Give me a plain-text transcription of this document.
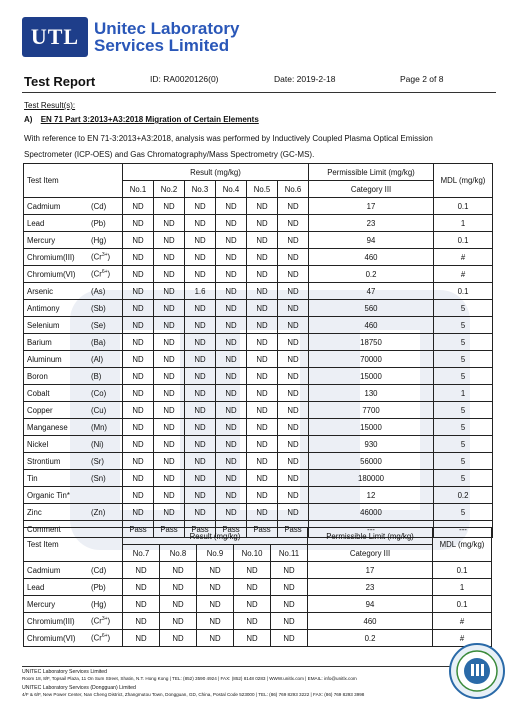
UTL Unitec Laboratory
Services Limited
Test Report	ID: RA0020126(0)	Date: 2019-2-18	Page 2 of 8
Test Result(s):
A) EN 71 Part 3:2013+A3:2018 Migration of Certain Elements
With reference to EN 71-3:2013+A3:2018, analysis was performed by Inductively Coupled Plasma Optical Emission
Spectrometer (ICP-OES) and Gas Chromatography/Mass Spectrometry (GC-MS).
Test Item		Result (mg/kg)						Permissible Limit (mg/kg)	MDL (mg/kg)
		No.1	No.2	No.3	No.4	No.5	No.6	Category III	
Cadmium	(Cd)	ND	ND	ND	ND	ND	ND	17	0.1
Lead	(Pb)	ND	ND	ND	ND	ND	ND	23	1
Mercury	(Hg)	ND	ND	ND	ND	ND	ND	94	0.1
Chromium(III)	$(Cr^{3+})$	ND	ND	ND	ND	ND	ND	460	#
Chromium(VI)	$(Cr^{6+})$	ND	ND	ND	ND	ND	ND	0.2	#
Arsenic	(As)	ND	ND	1.6	ND	ND	ND	47	0.1
Antimony	(Sb)	ND	ND	ND	ND	ND	ND	560	5
Selenium	(Se)	ND	ND	ND	ND	ND	ND	460	5
Barium	(Ba)	ND	ND	ND	ND	ND	ND	18750	5
Aluminum	(Al)	ND	ND	ND	ND	ND	ND	70000	5
Boron	(B)	ND	ND	ND	ND	ND	ND	15000	5
Cobalt	(Co)	ND	ND	ND	ND	ND	ND	130	1
Copper	(Cu)	ND	ND	ND	ND	ND	ND	7700	5
Manganese	(Mn)	ND	ND	ND	ND	ND	ND	15000	5
Nickel	(Ni)	ND	ND	ND	ND	ND	ND	930	5
Strontium	(Sr)	ND	ND	ND	ND	ND	ND	56000	5
Tin	(Sn)	ND	ND	ND	ND	ND	ND	180000	5
Organic Tin*		ND	ND	ND	ND	ND	ND	12	0.2
Zinc	(Zn)	ND	ND	ND	ND	ND	ND	46000	5
Comment		Pass	Pass	Pass	Pass	Pass	Pass	---	---
Test Item		Result (mg/kg)					Permissible Limit (mg/kg)	MDL (mg/kg)
		No.7	No.8	No.9	No.10	No.11	Category III	
Cadmium	(Cd)	ND	ND	ND	ND	ND	17	0.1
Lead	(Pb)	ND	ND	ND	ND	ND	23	1
Mercury	(Hg)	ND	ND	ND	ND	ND	94	0.1
Chromium(III)	$(Cr^{3+})$	ND	ND	ND	ND	ND	460	#
Chromium(VI)	$(Cr^{6+})$	ND	ND	ND	ND	ND	0.2	#
UNITEC Laboratory Services Limited
Room 18, 8/F, Topsail Plaza, 11 On Sum Street, Shatin, N.T. Hong Kong | TEL: (852) 3590 4924 | FAX: (852) 8148 0283 | WWW.unitlx.com | EMAIL: info@unitlx.com
UNITEC Laboratory Services (Dongguan) Limited
4/F & 6/F, New Power Center, Nan Cheng District, Zhangmutou Town, Dongguan, GD, China, Postal Code 523000 | TEL: (86) 769 8293 3222 | FAX: (86) 769 8293 3998
